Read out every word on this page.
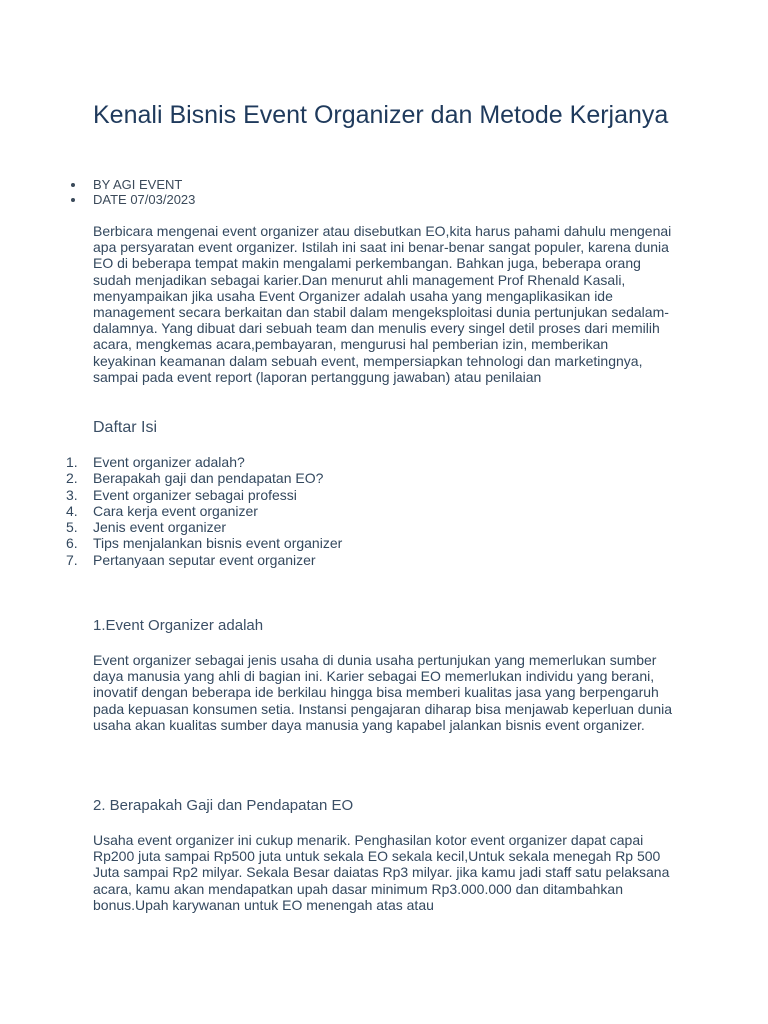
Kenali Bisnis Event Organizer dan Metode Kerjanya
BY AGI EVENT
DATE 07/03/2023

Berbicara mengenai event organizer atau disebutkan EO,kita harus pahami dahulu mengenai apa persyaratan event organizer. Istilah ini saat ini benar-benar sangat populer, karena dunia EO di beberapa tempat makin mengalami perkembangan. Bahkan juga, beberapa orang sudah menjadikan sebagai karier.Dan menurut ahli management Prof Rhenald Kasali, menyampaikan jika usaha Event Organizer adalah usaha yang mengaplikasikan ide management secara berkaitan dan stabil dalam mengeksploitasi dunia pertunjukan sedalam-dalamnya. Yang dibuat dari sebuah team dan menulis every singel detil proses dari memilih acara, mengkemas acara,pembayaran, mengurusi hal pemberian izin, memberikan keyakinan keamanan dalam sebuah event, mempersiapkan tehnologi dan marketingnya, sampai pada event report (laporan pertanggung jawaban) atau penilaian

Daftar Isi
1.	Event organizer adalah?
2.	Berapakah gaji dan pendapatan EO?
3.	Event organizer sebagai professi
4.	Cara kerja event organizer
5.	Jenis event organizer
6.	Tips menjalankan bisnis event organizer
7.	Pertanyaan seputar event organizer
1.Event Organizer adalah

Event organizer sebagai jenis usaha di dunia usaha pertunjukan yang memerlukan sumber daya manusia yang ahli di bagian ini. Karier sebagai EO memerlukan individu yang berani, inovatif dengan beberapa ide berkilau hingga bisa memberi kualitas jasa yang berpengaruh pada kepuasan konsumen setia. Instansi pengajaran diharap bisa menjawab keperluan dunia usaha akan kualitas sumber daya manusia yang kapabel jalankan bisnis event organizer.

2. Berapakah Gaji dan Pendapatan EO

Usaha event organizer ini cukup menarik. Penghasilan kotor event organizer dapat capai Rp200 juta sampai Rp500 juta untuk sekala EO sekala kecil,Untuk sekala menegah Rp 500 Juta sampai Rp2 milyar. Sekala Besar daiatas Rp3 milyar. jika kamu jadi staff satu pelaksana acara, kamu akan mendapatkan upah dasar minimum Rp3.000.000 dan ditambahkan bonus.Upah karywanan untuk EO menengah atas atau
